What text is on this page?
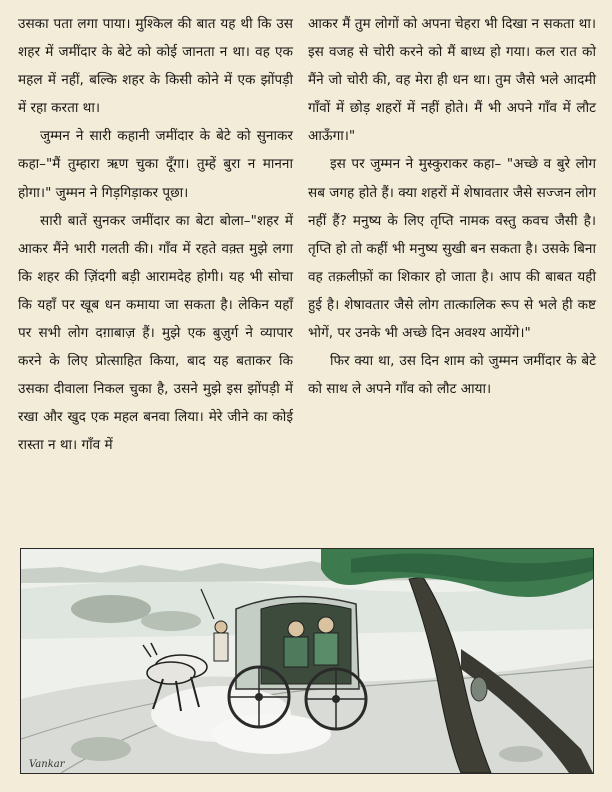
उसका पता लगा पाया। मुश्किल की बात यह थी कि उस शहर में जमींदार के बेटे को कोई जानता न था। वह एक महल में नहीं, बल्कि शहर के किसी कोने में एक झोंपड़ी में रहा करता था।

जुम्मन ने सारी कहानी जमींदार के बेटे को सुनाकर कहा–"मैं तुम्हारा ऋण चुका दूँगा। तुम्हें बुरा न मानना होगा।" जुम्मन ने गिड़गिड़ाकर पूछा।

सारी बातें सुनकर जमींदार का बेटा बोला–"शहर में आकर मैंने भारी गलती की। गाँव में रहते वक़्त मुझे लगा कि शहर की ज़िंदगी बड़ी आरामदेह होगी। यह भी सोचा कि यहाँ पर खूब धन कमाया जा सकता है। लेकिन यहाँ पर सभी लोग दग़ाबाज़ हैं। मुझे एक बुज़ुर्ग ने व्यापार करने के लिए प्रोत्साहित किया, बाद यह बताकर कि उसका दीवाला निकल चुका है, उसने मुझे इस झोंपड़ी में रखा और खुद एक महल बनवा लिया। मेरे जीने का कोई रास्ता न था। गाँव में

आकर मैं तुम लोगों को अपना चेहरा भी दिखा न सकता था। इस वजह से चोरी करने को मैं बाध्य हो गया। कल रात को मैंने जो चोरी की, वह मेरा ही धन था। तुम जैसे भले आदमी गाँवों में छोड़ शहरों में नहीं होते। मैं भी अपने गाँव में लौट आऊँगा।"

इस पर जुम्मन ने मुस्कुराकर कहा– "अच्छे व बुरे लोग सब जगह होते हैं। क्या शहरों में शेषावतार जैसे सज्जन लोग नहीं हैं? मनुष्य के लिए तृप्ति नामक वस्तु कवच जैसी है। तृप्ति हो तो कहीं भी मनुष्य सुखी बन सकता है। उसके बिना वह तक़लीफ़ों का शिकार हो जाता है। आप की बाबत यही हुई है। शेषावतार जैसे लोग तात्कालिक रूप से भले ही कष्ट भोगें, पर उनके भी अच्छे दिन अवश्य आयेंगे।"

फिर क्या था, उस दिन शाम को जुम्मन जमींदार के बेटे को साथ ले अपने गाँव को लौट आया।

Vankar
